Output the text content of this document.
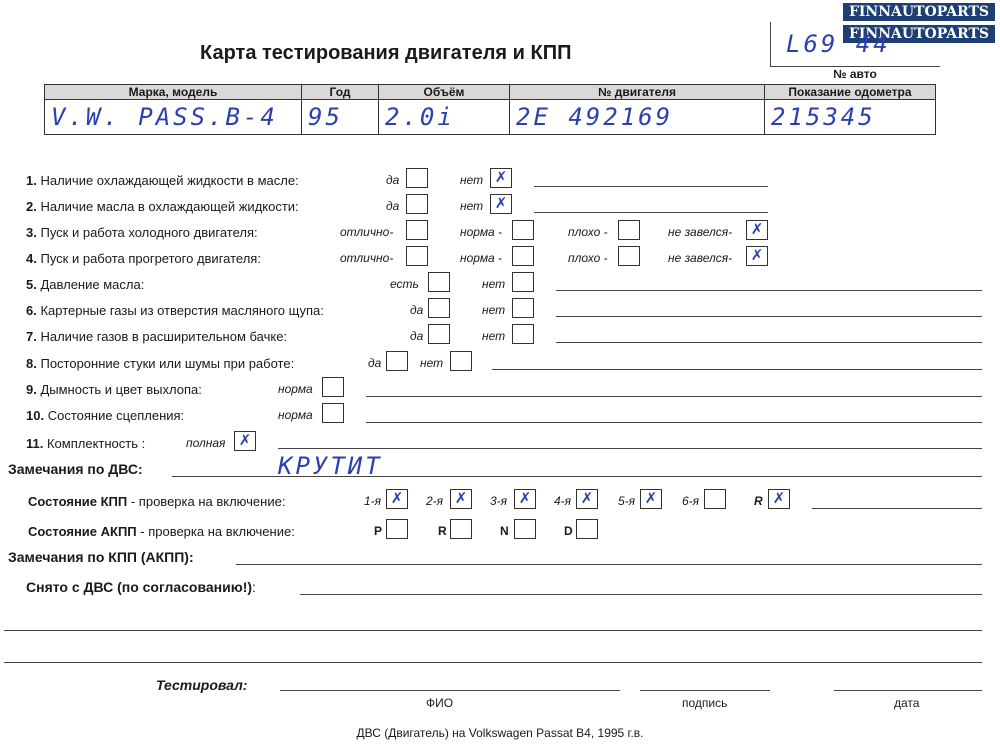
FINNAUTOPARTS
FINNAUTOPARTS
Карта тестирования двигателя и КПП	L69 44
№ авто
Марка, модель	Год	Объём	№ двигателя	Показание одометра
V.W. PASS.B-4	95	2.0i	2E 492169	215345
1. Наличие охлаждающей жидкости в масле:	да	нет ✗
2. Наличие масла в охлаждающей жидкости:	да	нет ✗
3. Пуск и работа холодного двигателя:	отлично-	норма -	плохо -	не завелся-	✗
4. Пуск и работа прогретого двигателя:	отлично-	норма -	плохо -	не завелся-	✗
5. Давление масла:	есть	нет
6. Картерные газы из отверстия масляного щупа:	да	нет
7. Наличие газов в расширительном бачке:	да	нет
8. Посторонние стуки или шумы при работе:	да	нет
9. Дымность и цвет выхлопа:	норма
10. Состояние сцепления:	норма
11. Комплектность :	полная ✗
Замечания по ДВС:	КРУТИТ
Состояние КПП - проверка на включение:	1-я ✗	2-я ✗	3-я ✗	4-я ✗	5-я ✗	6-я	R ✗
Состояние АКПП - проверка на включение:	P	R	N	D
Замечания по КПП (АКПП):
Снято с ДВС (по согласованию!):
Тестировал:
ФИО	подпись	дата
ДВС (Двигатель) на Volkswagen Passat B4, 1995 г.в.
